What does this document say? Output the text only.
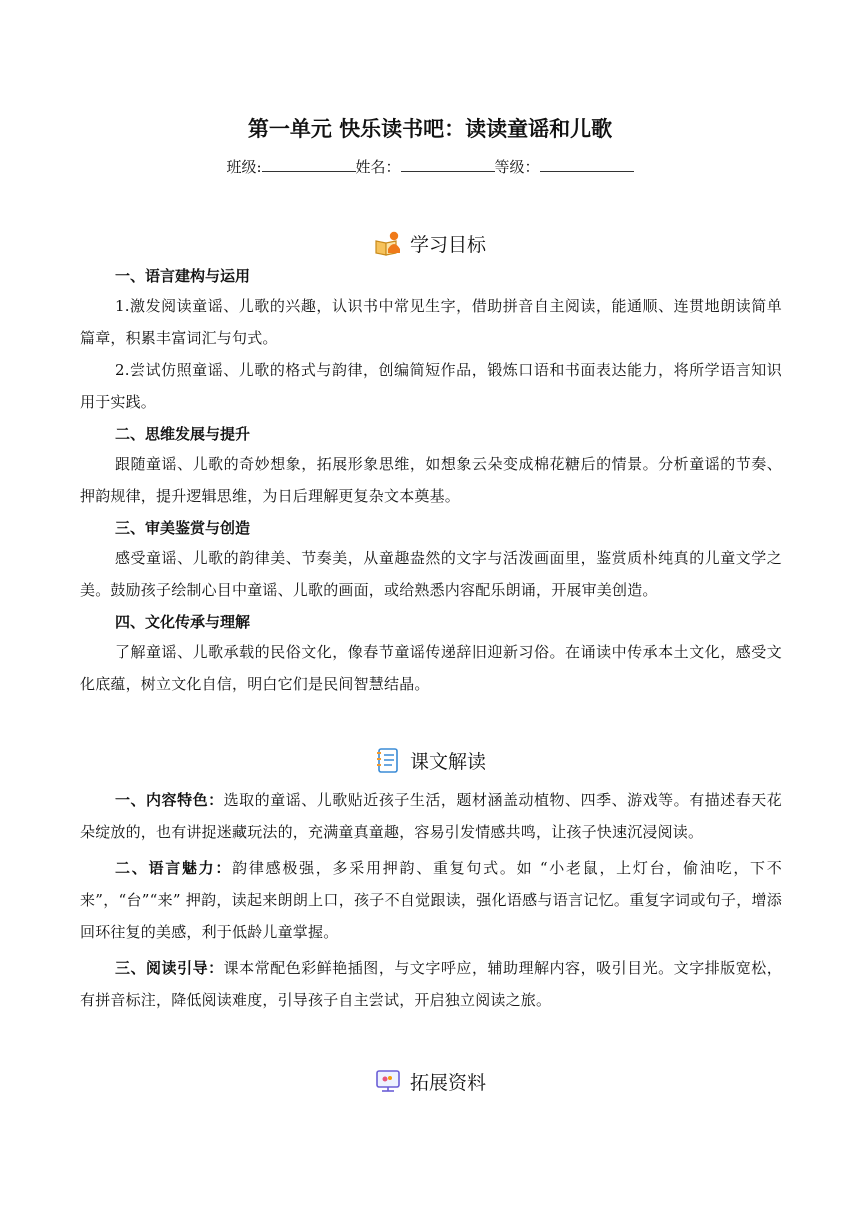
第一单元 快乐读书吧：读读童谣和儿歌
班级:	姓名：	等级：
学习目标

一、语言建构与运用

1.激发阅读童谣、儿歌的兴趣，认识书中常见生字，借助拼音自主阅读，能通顺、连贯地朗读简单篇章，积累丰富词汇与句式。

2.尝试仿照童谣、儿歌的格式与韵律，创编简短作品，锻炼口语和书面表达能力，将所学语言知识用于实践。

二、思维发展与提升

跟随童谣、儿歌的奇妙想象，拓展形象思维，如想象云朵变成棉花糖后的情景。分析童谣的节奏、押韵规律，提升逻辑思维，为日后理解更复杂文本奠基。

三、审美鉴赏与创造

感受童谣、儿歌的韵律美、节奏美，从童趣盎然的文字与活泼画面里，鉴赏质朴纯真的儿童文学之美。鼓励孩子绘制心目中童谣、儿歌的画面，或给熟悉内容配乐朗诵，开展审美创造。

四、文化传承与理解

了解童谣、儿歌承载的民俗文化，像春节童谣传递辞旧迎新习俗。在诵读中传承本土文化，感受文化底蕴，树立文化自信，明白它们是民间智慧结晶。

课文解读

一、内容特色：选取的童谣、儿歌贴近孩子生活，题材涵盖动植物、四季、游戏等。有描述春天花朵绽放的，也有讲捉迷藏玩法的，充满童真童趣，容易引发情感共鸣，让孩子快速沉浸阅读。

二、语言魅力：韵律感极强，多采用押韵、重复句式。如 “小老鼠，上灯台，偷油吃，下不来”，“台”“来” 押韵，读起来朗朗上口，孩子不自觉跟读，强化语感与语言记忆。重复字词或句子，增添回环往复的美感，利于低龄儿童掌握。

三、阅读引导：课本常配色彩鲜艳插图，与文字呼应，辅助理解内容，吸引目光。文字排版宽松，有拼音标注，降低阅读难度，引导孩子自主尝试，开启独立阅读之旅。

拓展资料
